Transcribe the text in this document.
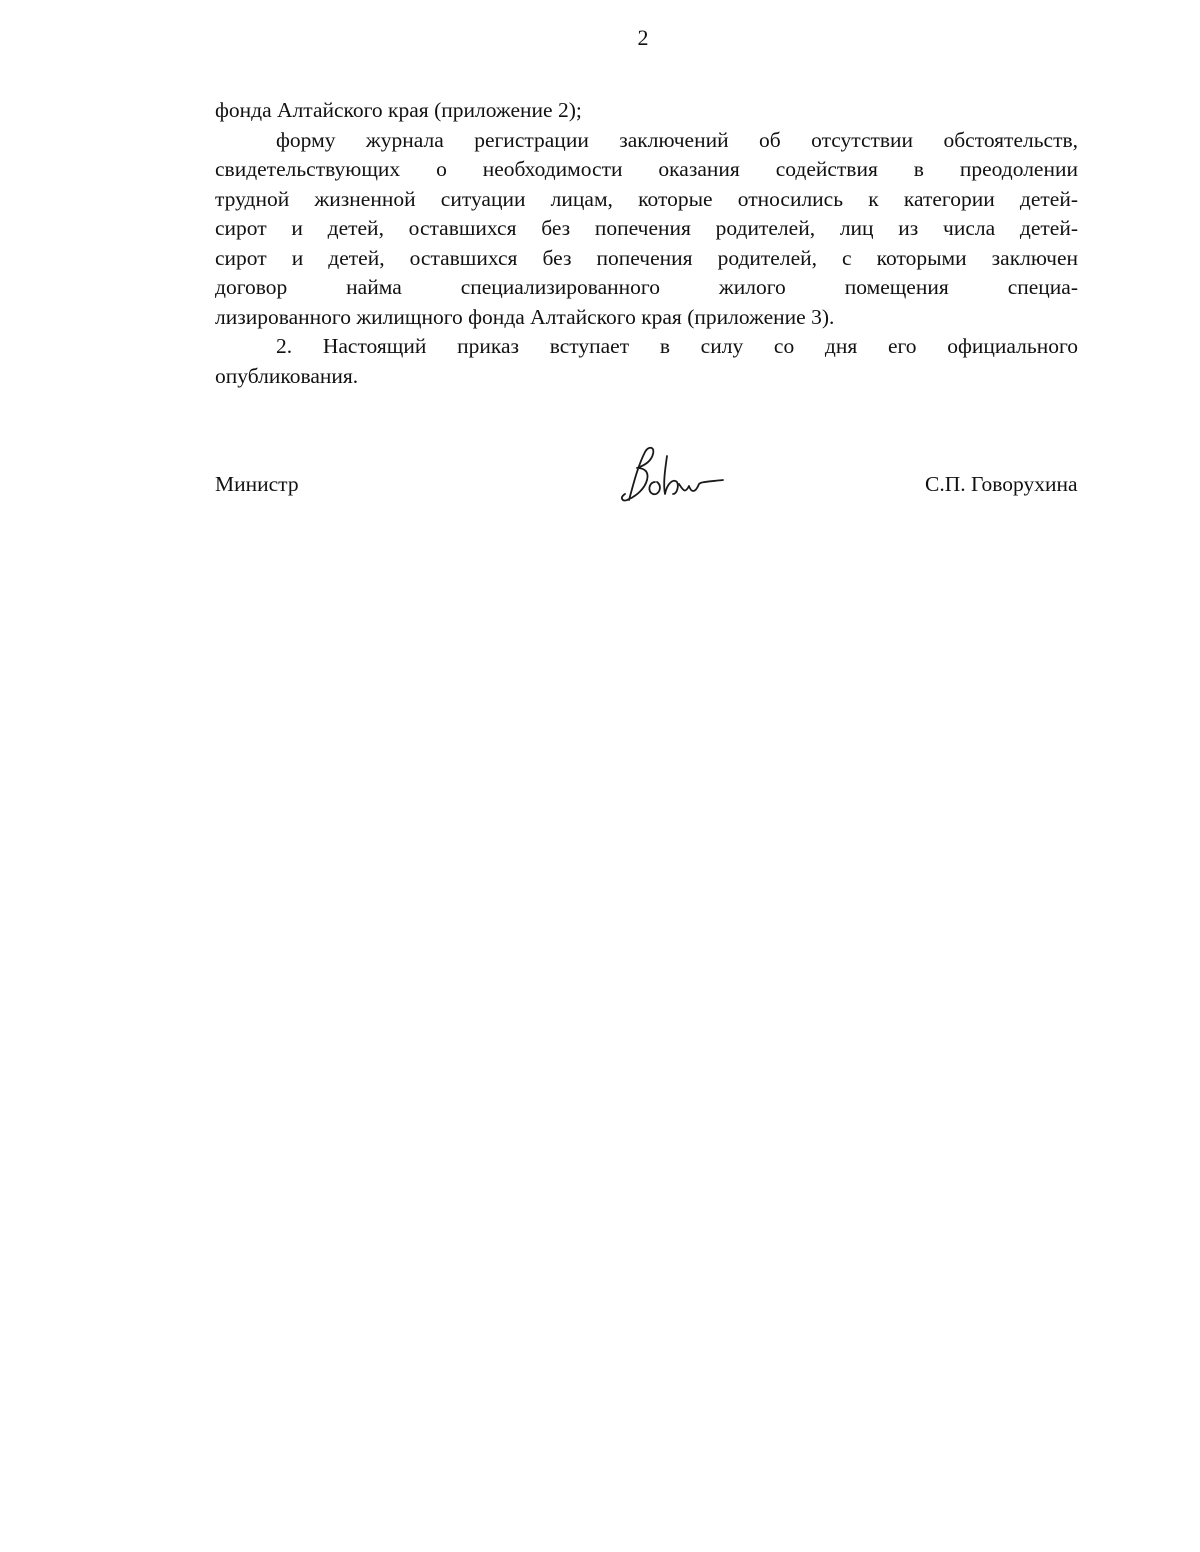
2
фонда Алтайского края (приложение 2);
форму журнала регистрации заключений об отсутствии обстоятельств,
свидетельствующих о необходимости оказания содействия в преодолении
трудной жизненной ситуации лицам, которые относились к категории детей-
сирот и детей, оставшихся без попечения родителей, лиц из числа детей-
сирот и детей, оставшихся без попечения родителей, с которыми заключен
договор найма специализированного жилого помещения специа-
лизированного жилищного фонда Алтайского края (приложение 3).
2. Настоящий приказ вступает в силу со дня его официального
опубликования.
Министр	С.П. Говорухина
